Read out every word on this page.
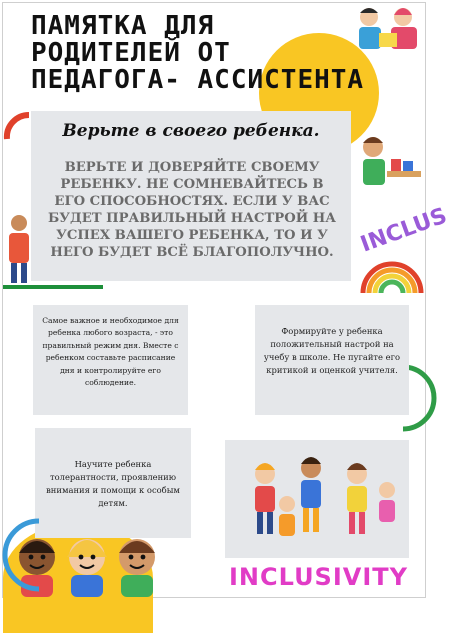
INCLUS
ПАМЯТКА ДЛЯ
РОДИТЕЛЕЙ ОТ
ПЕДАГОГА- АССИСТЕНТА
Верьте в своего ребенка.
ВЕРЬТЕ И ДОВЕРЯЙТЕ СВОЕМУ РЕБЕНКУ. НЕ СОМНЕВАЙТЕСЬ В ЕГО СПОСОБНОСТЯХ. ЕСЛИ У ВАС БУДЕТ ПРАВИЛЬНЫЙ НАСТРОЙ НА УСПЕХ ВАШЕГО РЕБЕНКА, ТО И У НЕГО БУДЕТ ВСЁ БЛАГОПОЛУЧНО.
Самое важное и необходимое для ребенка любого возраста, - это правильный режим дня. Вместе с ребенком составьте расписание дня и контролируйте его соблюдение.
Формируйте у ребенка положительный настрой на учебу в школе. Не пугайте его критикой и оценкой учителя.
Научите ребенка толерантности, проявлению внимания и помощи к особым детям.
INCLUSIVITY
